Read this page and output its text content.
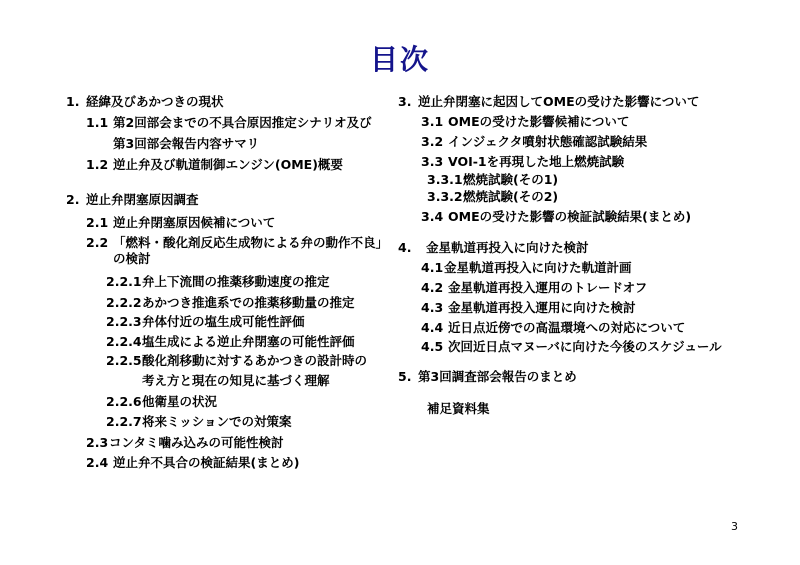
目次
1. 経緯及びあかつきの現状
1.1 第2回部会までの不具合原因推定シナリオ及び
第3回部会報告内容サマリ
1.2 逆止弁及び軌道制御エンジン(OME)概要
2. 逆止弁閉塞原因調査
2.1 逆止弁閉塞原因候補について
2.2 「燃料・酸化剤反応生成物による弁の動作不良」
の検討
2.2.1弁上下流間の推薬移動速度の推定
2.2.2あかつき推進系での推薬移動量の推定
2.2.3弁体付近の塩生成可能性評価
2.2.4塩生成による逆止弁閉塞の可能性評価
2.2.5酸化剤移動に対するあかつきの設計時の
考え方と現在の知見に基づく理解
2.2.6他衛星の状況
2.2.7将来ミッションでの対策案
2.3コンタミ噛み込みの可能性検討
2.4 逆止弁不具合の検証結果(まとめ)
3. 逆止弁閉塞に起因してOMEの受けた影響について
3.1 OMEの受けた影響候補について
3.2 インジェクタ噴射状態確認試験結果
3.3 VOI-1を再現した地上燃焼試験
3.3.1燃焼試験(その1)
3.3.2燃焼試験(その2)
3.4 OMEの受けた影響の検証試験結果(まとめ)
4. 金星軌道再投入に向けた検討
4.1金星軌道再投入に向けた軌道計画
4.2 金星軌道再投入運用のトレードオフ
4.3 金星軌道再投入運用に向けた検討
4.4 近日点近傍での高温環境への対応について
4.5 次回近日点マヌーバに向けた今後のスケジュール
5. 第3回調査部会報告のまとめ
補足資料集
3
